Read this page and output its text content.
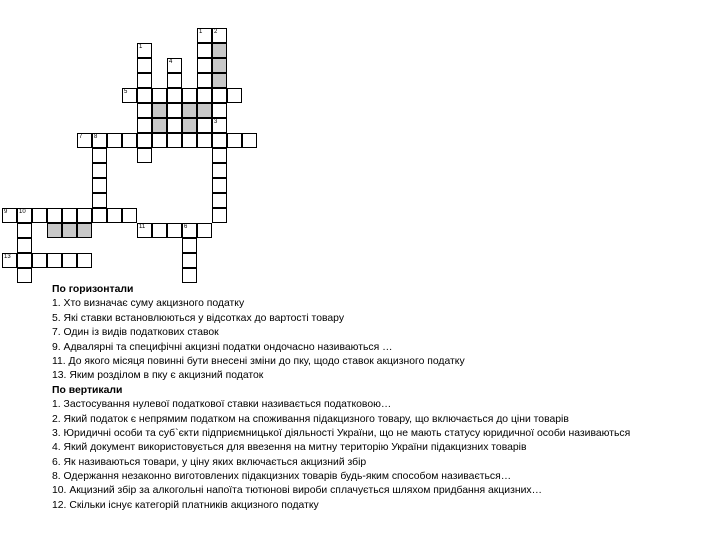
1 2
1
4
5
3
7 8
9 10
11	6
13
По горизонтали
1. Хто визначає суму акцизного податку
5. Які ставки встановлюються у відсотках до вартості товару
7. Один із видів податкових ставок
9. Адвалярні та специфічні акцизні податки ондочасно називаються …
11. До якого місяця повинні бути внесені зміни до пку, щодо ставок акцизного податку
13. Яким розділом в пку є акцизний податок
По вертикали
1. Застосування нулевої податкової ставки називається податковою…
2. Який податок є непрямим податком на споживання підакцизного товару, що включається до ціни товарів
3. Юридичні особи та суб`єкти підприємницької діяльності України, що не мають статусу юридичної особи називаються
4. Який документ використовується для ввезення на митну територію України підакцизних товарів
6. Як називаються товари, у ціну яких включається акцизний збір
8. Одержання незаконно виготовлених підакцизних товарів будь-яким способом називається…
10. Акцизний збір за алкогольні напоїта тютюнові вироби сплачується шляхом придбання акцизних…
12. Скільки існує категорій платників акцизного податку
